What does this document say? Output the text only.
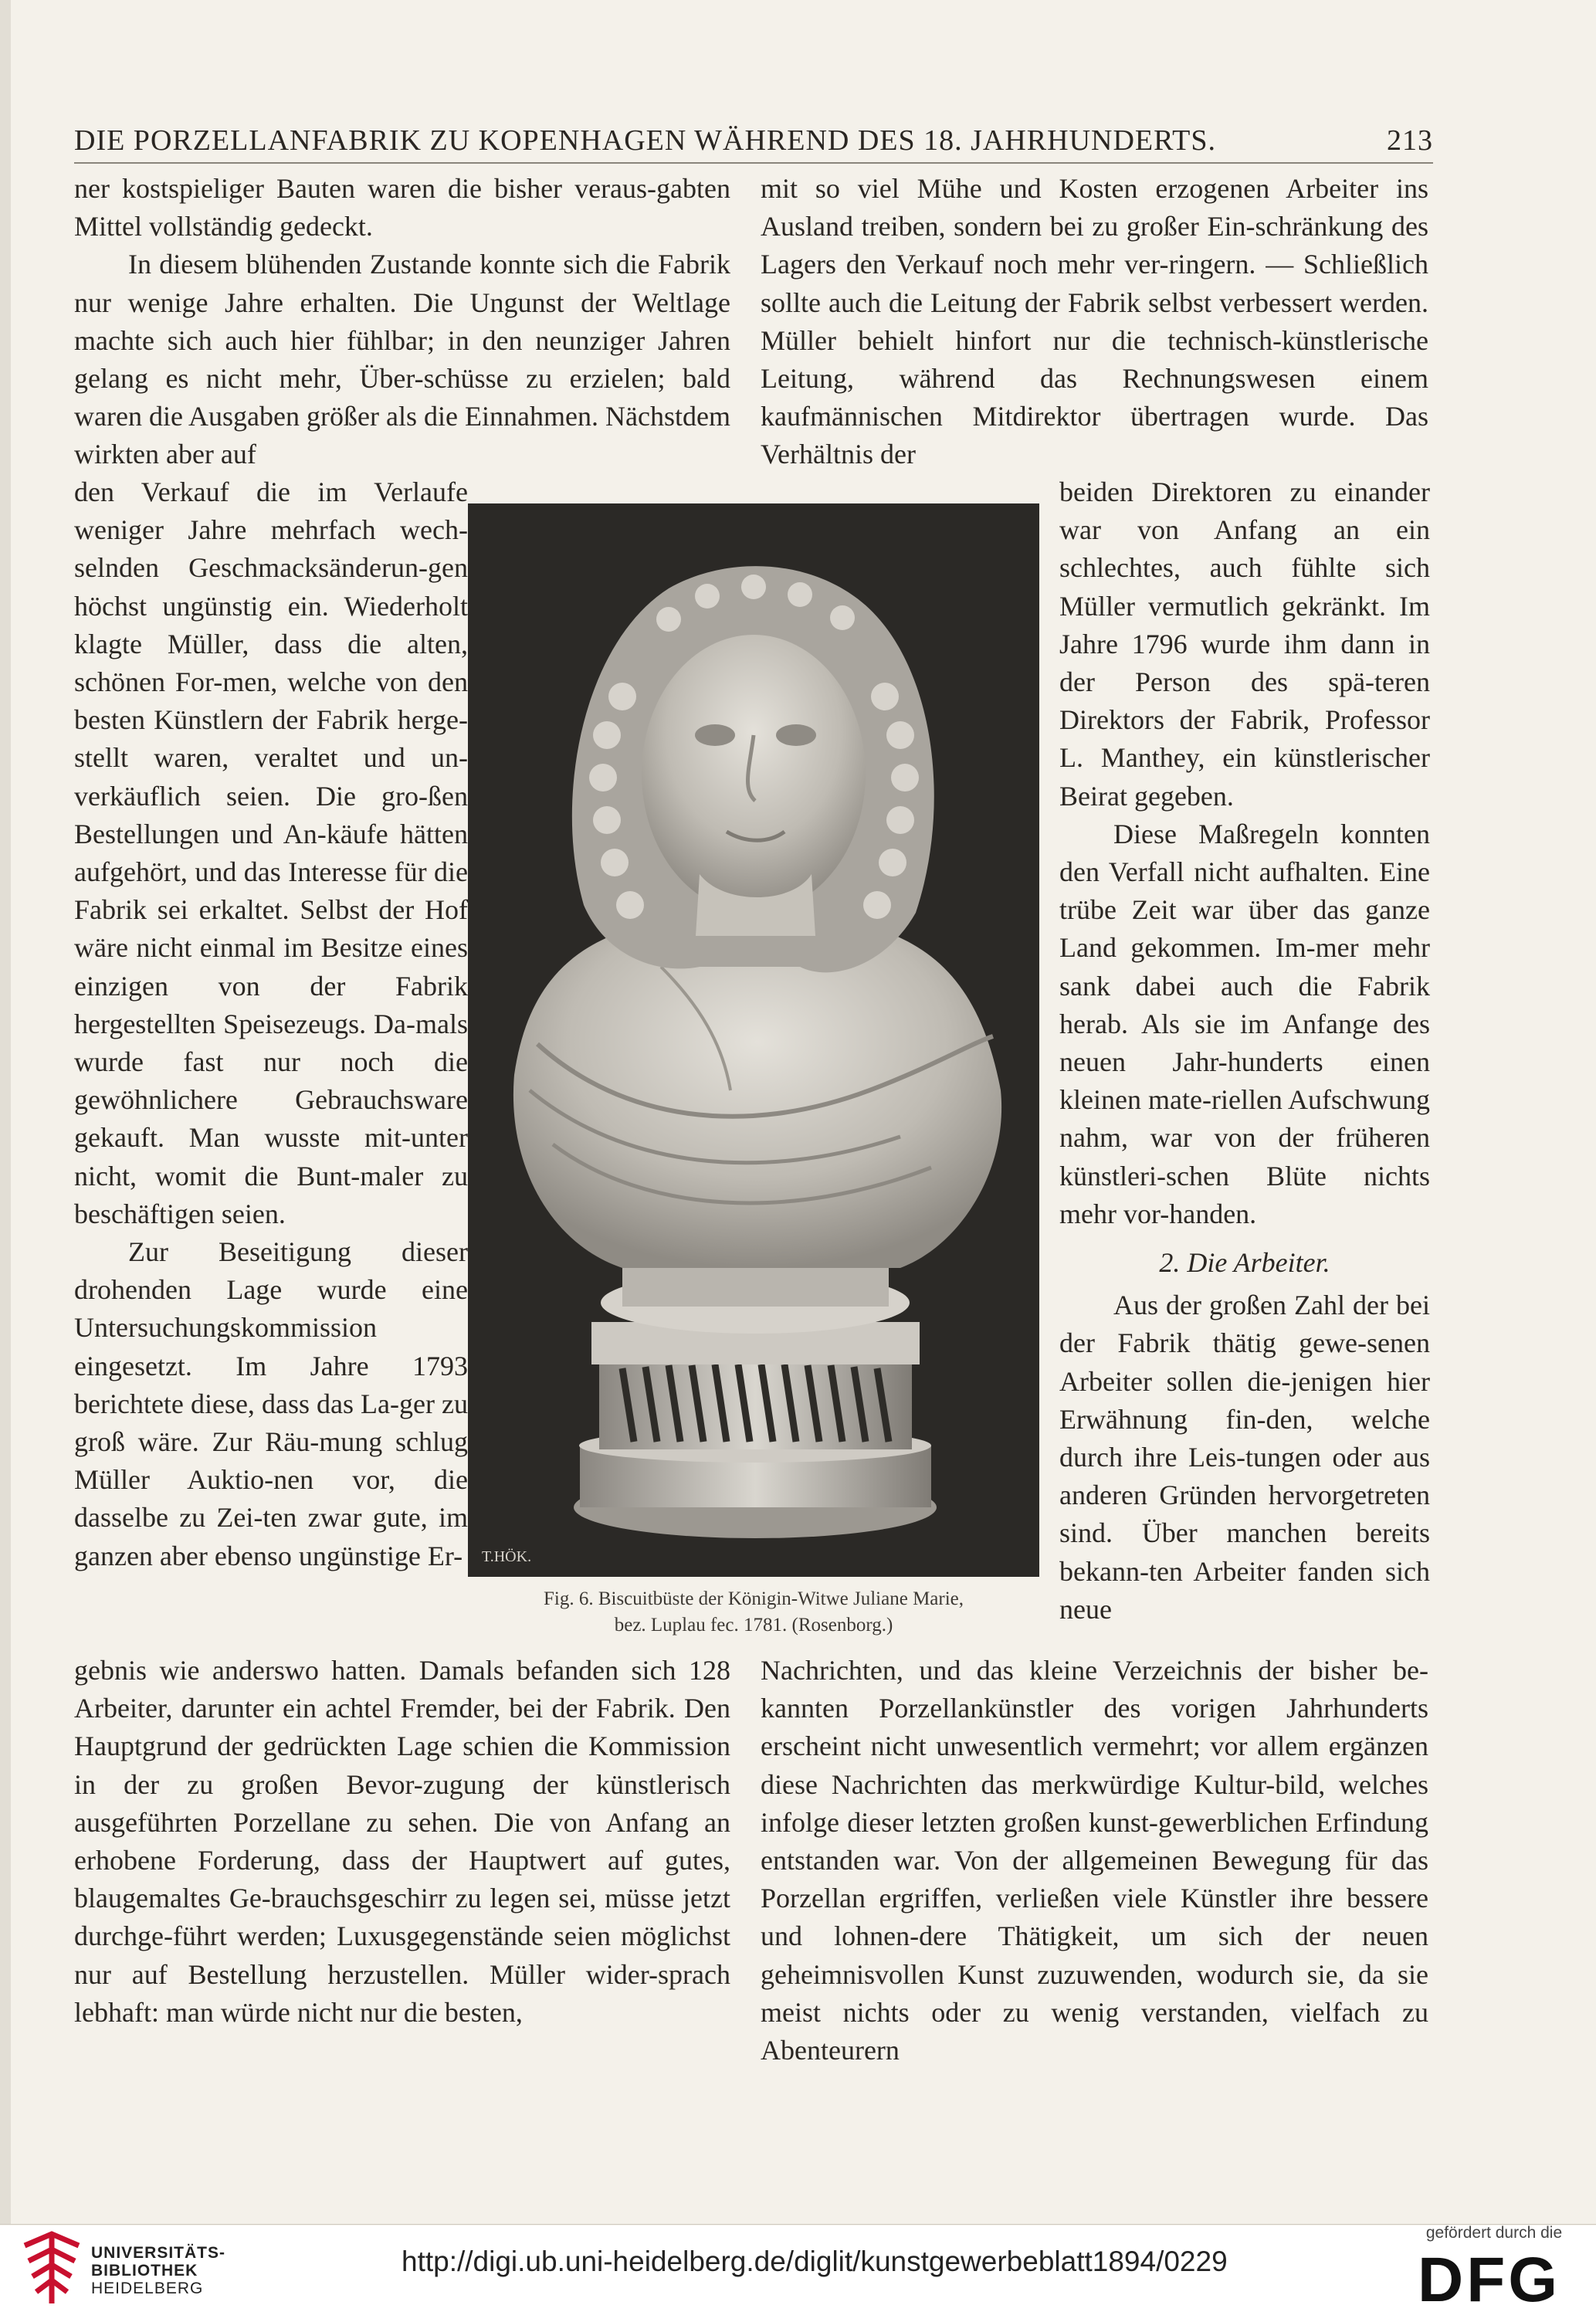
DIE PORZELLANFABRIK ZU KOPENHAGEN WÄHREND DES 18. JAHRHUNDERTS.	213

ner kostspieliger Bauten waren die bisher veraus-gabten Mittel vollständig gedeckt.

In diesem blühenden Zustande konnte sich die Fabrik nur wenige Jahre erhalten. Die Ungunst der Weltlage machte sich auch hier fühlbar; in den neunziger Jahren gelang es nicht mehr, Über-schüsse zu erzielen; bald waren die Ausgaben größer als die Einnahmen. Nächstdem wirkten aber auf

den Verkauf die im Verlaufe weniger Jahre mehrfach wech-selnden Geschmacksänderun-gen höchst ungünstig ein. Wiederholt klagte Müller, dass die alten, schönen For-men, welche von den besten Künstlern der Fabrik herge-stellt waren, veraltet und un-verkäuflich seien. Die gro-ßen Bestellungen und An-käufe hätten aufgehört, und das Interesse für die Fabrik sei erkaltet. Selbst der Hof wäre nicht einmal im Besitze eines einzigen von der Fabrik hergestellten Speisezeugs. Da-mals wurde fast nur noch die gewöhnlichere Gebrauchsware gekauft. Man wusste mit-unter nicht, womit die Bunt-maler zu beschäftigen seien.

Zur Beseitigung dieser drohenden Lage wurde eine Untersuchungskommission eingesetzt. Im Jahre 1793 berichtete diese, dass das La-ger zu groß wäre. Zur Räu-mung schlug Müller Auktio-nen vor, die dasselbe zu Zei-ten zwar gute, im ganzen aber ebenso ungünstige Er-

gebnis wie anderswo hatten. Damals befanden sich 128 Arbeiter, darunter ein achtel Fremder, bei der Fabrik. Den Hauptgrund der gedrückten Lage schien die Kommission in der zu großen Bevor-zugung der künstlerisch ausgeführten Porzellane zu sehen. Die von Anfang an erhobene Forderung, dass der Hauptwert auf gutes, blaugemaltes Ge-brauchsgeschirr zu legen sei, müsse jetzt durchge-führt werden; Luxusgegenstände seien möglichst nur auf Bestellung herzustellen. Müller wider-sprach lebhaft: man würde nicht nur die besten,

mit so viel Mühe und Kosten erzogenen Arbeiter ins Ausland treiben, sondern bei zu großer Ein-schränkung des Lagers den Verkauf noch mehr ver-ringern. — Schließlich sollte auch die Leitung der Fabrik selbst verbessert werden. Müller behielt hinfort nur die technisch-künstlerische Leitung, während das Rechnungswesen einem kaufmännischen Mitdirektor übertragen wurde. Das Verhältnis der

beiden Direktoren zu einander war von Anfang an ein schlechtes, auch fühlte sich Müller vermutlich gekränkt. Im Jahre 1796 wurde ihm dann in der Person des spä-teren Direktors der Fabrik, Professor L. Manthey, ein künstlerischer Beirat gegeben.

Diese Maßregeln konnten den Verfall nicht aufhalten. Eine trübe Zeit war über das ganze Land gekommen. Im-mer mehr sank dabei auch die Fabrik herab. Als sie im Anfange des neuen Jahr-hunderts einen kleinen mate-riellen Aufschwung nahm, war von der früheren künstleri-schen Blüte nichts mehr vor-handen.

2. Die Arbeiter.

Aus der großen Zahl der bei der Fabrik thätig gewe-senen Arbeiter sollen die-jenigen hier Erwähnung fin-den, welche durch ihre Leis-tungen oder aus anderen Gründen hervorgetreten sind. Über manchen bereits bekann-ten Arbeiter fanden sich neue

Nachrichten, und das kleine Verzeichnis der bisher be-kannten Porzellankünstler des vorigen Jahrhunderts erscheint nicht unwesentlich vermehrt; vor allem ergänzen diese Nachrichten das merkwürdige Kultur-bild, welches infolge dieser letzten großen kunst-gewerblichen Erfindung entstanden war. Von der allgemeinen Bewegung für das Porzellan ergriffen, verließen viele Künstler ihre bessere und lohnen-dere Thätigkeit, um sich der neuen geheimnisvollen Kunst zuzuwenden, wodurch sie, da sie meist nichts oder zu wenig verstanden, vielfach zu Abenteurern

T.HÖK.
Fig. 6. Biscuitbüste der Königin-Witwe Juliane Marie,
bez. Luplau fec. 1781. (Rosenborg.)
UNIVERSITÄTS-
BIBLIOTHEK
HEIDELBERG
http://digi.ub.uni-heidelberg.de/diglit/kunstgewerbeblatt1894/0229
gefördert durch die
DFG
